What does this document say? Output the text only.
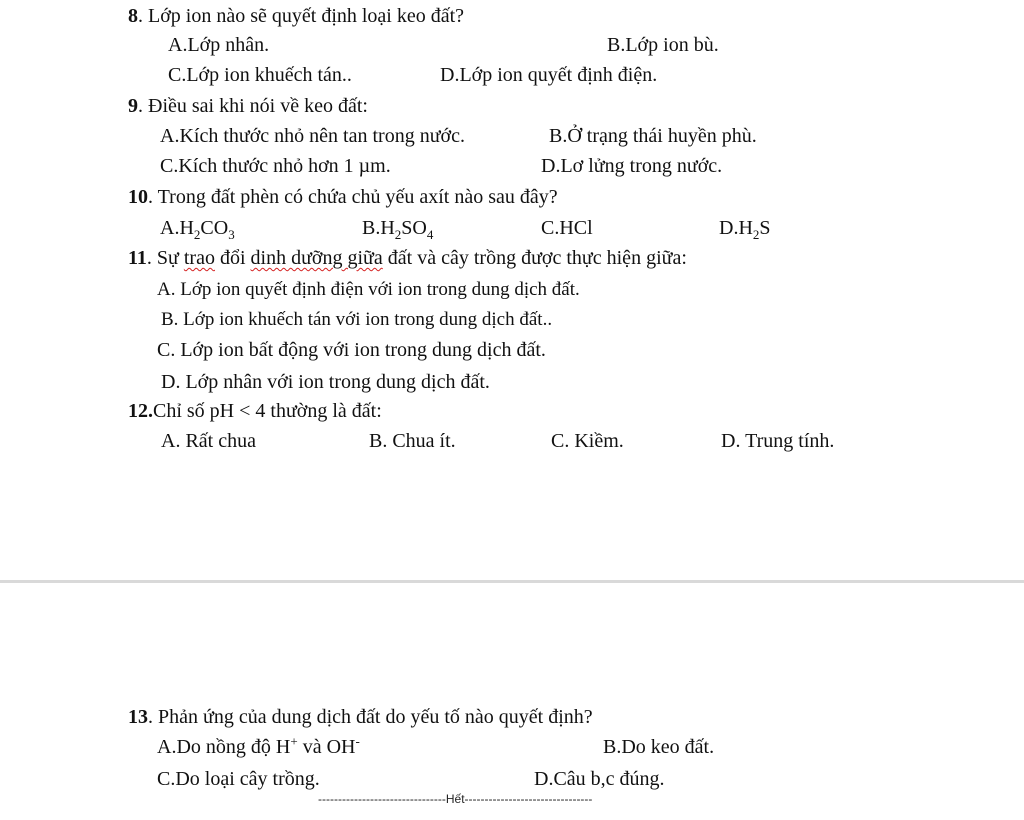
8. Lớp ion nào sẽ quyết định loại keo đất?
A.Lớp nhân.	B.Lớp ion bù.
C.Lớp ion khuếch tán..	D.Lớp ion quyết định điện.
9. Điều sai khi nói về keo đất:
A.Kích thước nhỏ nên tan trong nước.	B.Ở trạng thái huyền phù.
C.Kích thước nhỏ hơn 1 µm.	D.Lơ lửng trong nước.
10. Trong đất phèn có chứa chủ yếu axít nào sau đây?
$A.H_2CO_3$	$B.H_2SO_4$	C.HCl	$D.H_2S$
11. Sự trao đổi dinh dưỡng giữa đất và cây trồng được thực hiện giữa:
A. Lớp ion quyết định điện với ion trong dung dịch đất.
B. Lớp ion khuếch tán với ion trong dung dịch đất..
C. Lớp ion bất động với ion trong dung dịch đất.
D. Lớp nhân với ion trong dung dịch đất.
12.Chỉ số pH < 4 thường là đất:
A. Rất chua	B. Chua ít.	C. Kiềm.	D. Trung tính.
13. Phản ứng của dung dịch đất do yếu tố nào quyết định?
A.Do nồng độ H+ và OH-	B.Do keo đất.
C.Do loại cây trồng.	D.Câu b,c đúng.
--------------------------------Hết--------------------------------
